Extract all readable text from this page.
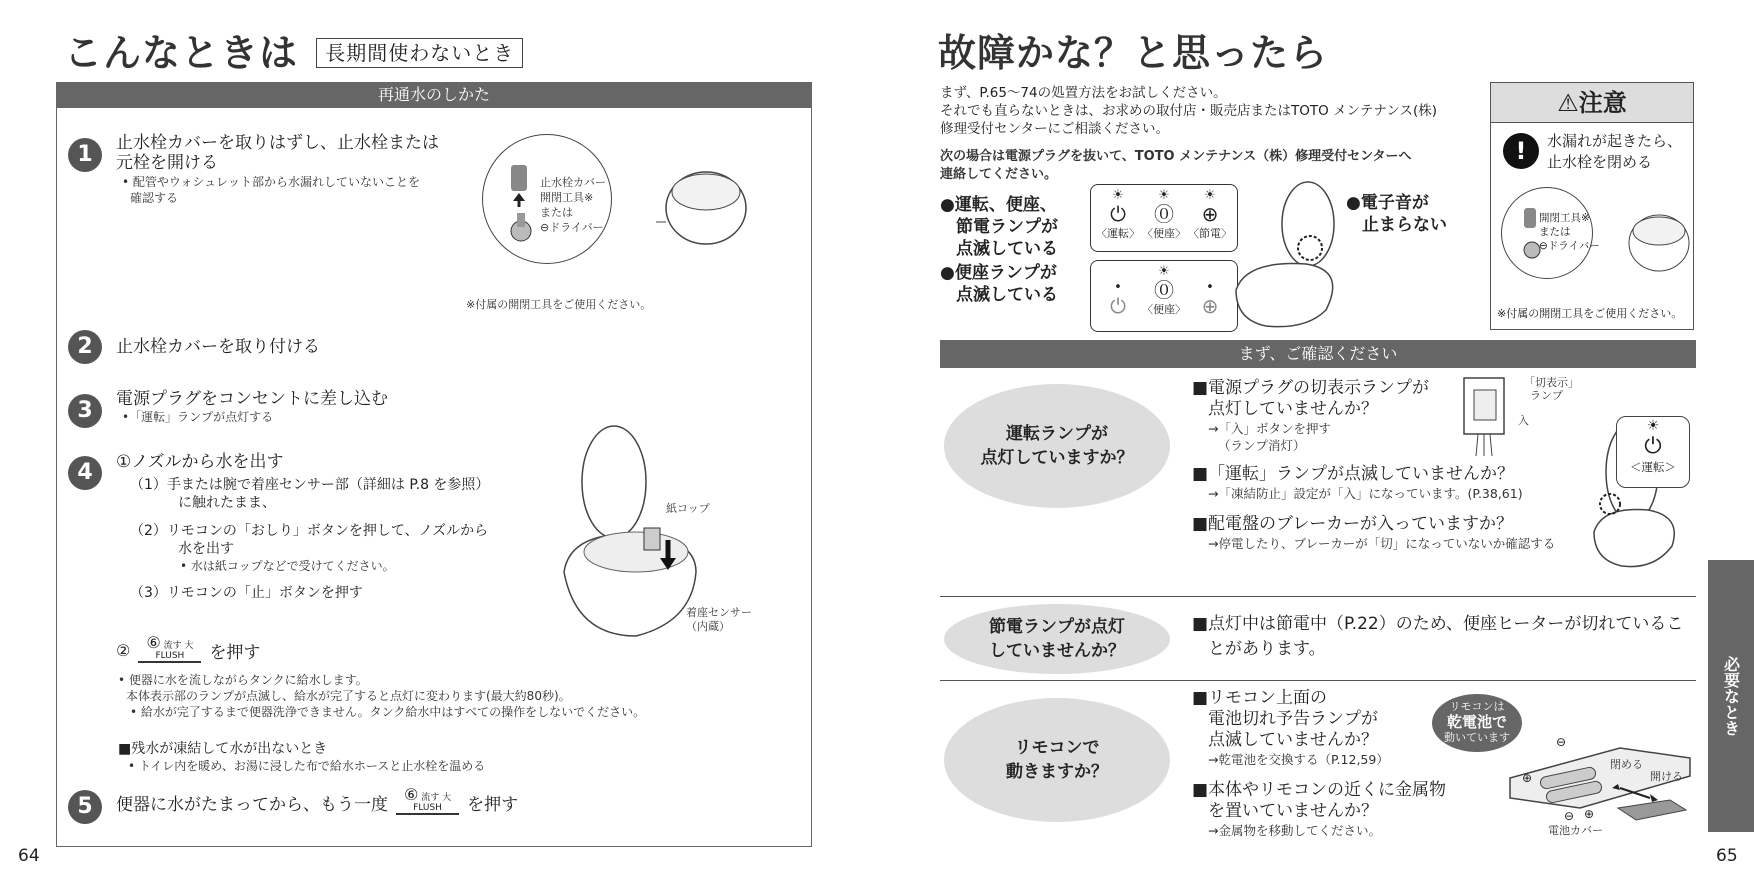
こんなときは 長期間使わないとき
再通水のしかた
1	止水栓カバーを取りはずし、止水栓または
元栓を開ける
• 配管やウォシュレット部から水漏れしていないことを
確認する
止水栓カバー
開閉工具※
または
⊖ドライバー
※付属の開閉工具をご使用ください。
2	止水栓カバーを取り付ける
3	電源プラグをコンセントに差し込む
•「運転」ランプが点灯する
4	①ノズルから水を出す
（1）手または腕で着座センサー部（詳細は P.8 を参照）
に触れたまま、
（2）リモコンの「おしり」ボタンを押して、ノズルから
水を出す
• 水は紙コップなどで受けてください。
（3）リモコンの「止」ボタンを押す
紙コップ
着座センサー
（内蔵）
②	⑥ 流す 大
FLUSH	を押す
• 便器に水を流しながらタンクに給水します。
本体表示部のランプが点滅し、給水が完了すると点灯に変わります(最大約80秒)。
• 給水が完了するまで便器洗浄できません。タンク給水中はすべての操作をしないでください。
■残水が凍結して水が出ないとき
• トイレ内を暖め、お湯に浸した布で給水ホースと止水栓を温める
5	便器に水がたまってから、もう一度
⑥ 流す 大
FLUSH	を押す
64
故障かな？と思ったら
まず、P.65～74の処置方法をお試しください。
それでも直らないときは、お求めの取付店・販売店またはTOTO メンテナンス(株)
修理受付センターにご相談ください。
次の場合は電源プラグを抜いて、TOTO メンテナンス（株）修理受付センターへ
連絡してください。
●運転、便座、
節電ランプが
点滅している
●便座ランプが
点滅している
☀
⏻
〈運転〉
☀
⓪
〈便座〉
☀
⊕
〈節電〉
•
⏻
☀
⓪
〈便座〉
•
⊕
●電子音が
止まらない
⚠注意
!	水漏れが起きたら、
止水栓を閉める
開閉工具※
または
⊖ドライバー
※付属の開閉工具をご使用ください。
まず、ご確認ください
運転ランプが
点灯していますか？
■電源プラグの切表示ランプが
点灯していませんか？
→「入」ボタンを押す
（ランプ消灯）
■「運転」ランプが点滅していませんか？
→「凍結防止」設定が「入」になっています。(P.38,61)
■配電盤のブレーカーが入っていますか？
→停電したり、ブレーカーが「切」になっていないか確認する
「切表示」
ランプ
入	☀
⏻
＜運転＞
節電ランプが点灯
していませんか？
■点灯中は節電中（P.22）のため、便座ヒーターが切れているこ
とがあります。
リモコンで
動きますか？
■リモコン上面の
電池切れ予告ランプが
点滅していませんか？
→乾電池を交換する（P.12,59）
■本体やリモコンの近くに金属物
を置いていませんか？
→金属物を移動してください。
リモコンは
乾電池で
動いています
⊕
⊖
⊖ ⊕
閉める
開ける
電池カバー
必要なとき
65
